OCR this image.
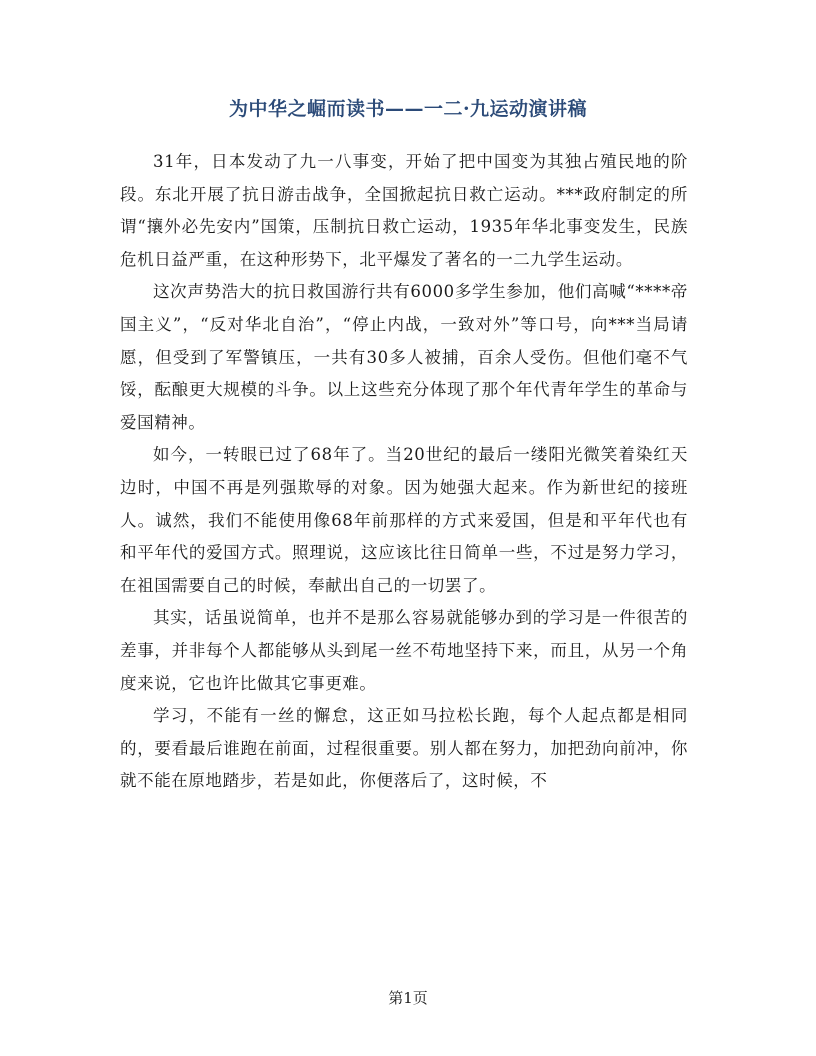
为中华之崛而读书——一二·九运动演讲稿

31年，日本发动了九一八事变，开始了把中国变为其独占殖民地的阶段。东北开展了抗日游击战争，全国掀起抗日救亡运动。***政府制定的所谓“攘外必先安内”国策，压制抗日救亡运动，1935年华北事变发生，民族危机日益严重，在这种形势下，北平爆发了著名的一二九学生运动。

这次声势浩大的抗日救国游行共有6000多学生参加，他们高喊“****帝国主义”，“反对华北自治”，“停止内战，一致对外”等口号，向***当局请愿，但受到了军警镇压，一共有30多人被捕，百余人受伤。但他们毫不气馁，酝酿更大规模的斗争。以上这些充分体现了那个年代青年学生的革命与爱国精神。

如今，一转眼已过了68年了。当20世纪的最后一缕阳光微笑着染红天边时，中国不再是列强欺辱的对象。因为她强大起来。作为新世纪的接班人。诚然，我们不能使用像68年前那样的方式来爱国，但是和平年代也有和平年代的爱国方式。照理说，这应该比往日简单一些，不过是努力学习，在祖国需要自己的时候，奉献出自己的一切罢了。

其实，话虽说简单，也并不是那么容易就能够办到的学习是一件很苦的差事，并非每个人都能够从头到尾一丝不苟地坚持下来，而且，从另一个角度来说，它也许比做其它事更难。

学习，不能有一丝的懈怠，这正如马拉松长跑，每个人起点都是相同的，要看最后谁跑在前面，过程很重要。别人都在努力，加把劲向前冲，你就不能在原地踏步，若是如此，你便落后了，这时候，不

第1页
